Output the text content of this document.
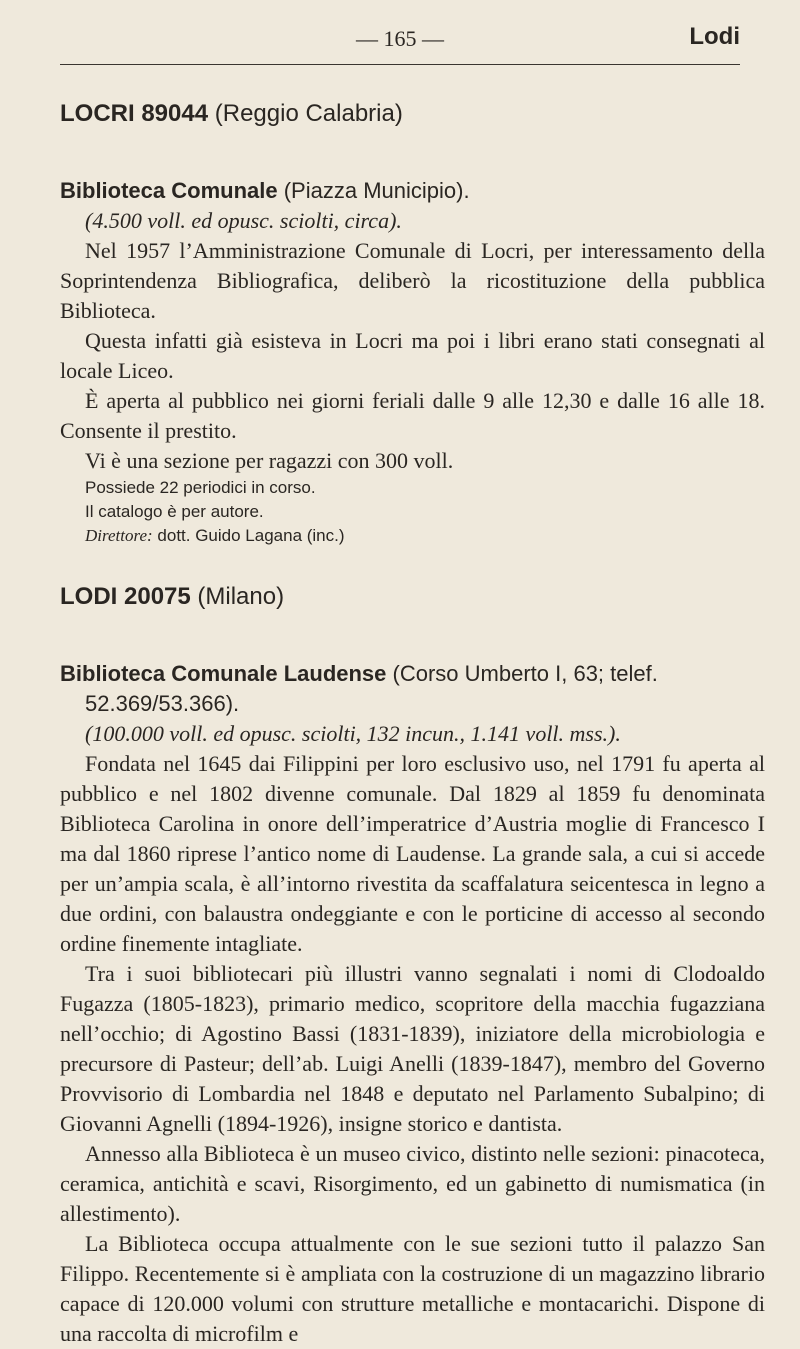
— 165 —	Lodi
LOCRI 89044 (Reggio Calabria)

Biblioteca Comunale (Piazza Municipio).

(4.500 voll. ed opusc. sciolti, circa).

Nel 1957 l’Amministrazione Comunale di Locri, per interessamento della Soprintendenza Bibliografica, deliberò la ricostituzione della pubblica Biblioteca.

Questa infatti già esisteva in Locri ma poi i libri erano stati consegnati al locale Liceo.

È aperta al pubblico nei giorni feriali dalle 9 alle 12,30 e dalle 16 alle 18. Consente il prestito.

Vi è una sezione per ragazzi con 300 voll.

Possiede 22 periodici in corso.

Il catalogo è per autore.

Direttore: dott. Guido Lagana (inc.)

LODI 20075 (Milano)

Biblioteca Comunale Laudense (Corso Umberto I, 63; telef. 52.369/53.366).

(100.000 voll. ed opusc. sciolti, 132 incun., 1.141 voll. mss.).

Fondata nel 1645 dai Filippini per loro esclusivo uso, nel 1791 fu aperta al pubblico e nel 1802 divenne comunale. Dal 1829 al 1859 fu denominata Biblioteca Carolina in onore dell’imperatrice d’Austria moglie di Francesco I ma dal 1860 riprese l’antico nome di Laudense. La grande sala, a cui si accede per un’ampia scala, è all’intorno rivestita da scaffalatura seicentesca in legno a due ordini, con balaustra ondeggiante e con le porticine di accesso al secondo ordine finemente intagliate.

Tra i suoi bibliotecari più illustri vanno segnalati i nomi di Clodoaldo Fugazza (1805-1823), primario medico, scopritore della macchia fugazziana nell’occhio; di Agostino Bassi (1831-1839), iniziatore della microbiologia e precursore di Pasteur; dell’ab. Luigi Anelli (1839-1847), membro del Governo Provvisorio di Lombardia nel 1848 e deputato nel Parlamento Subalpino; di Giovanni Agnelli (1894-1926), insigne storico e dantista.

Annesso alla Biblioteca è un museo civico, distinto nelle sezioni: pinacoteca, ceramica, antichità e scavi, Risorgimento, ed un gabinetto di numismatica (in allestimento).

La Biblioteca occupa attualmente con le sue sezioni tutto il palazzo San Filippo. Recentemente si è ampliata con la costruzione di un magazzino librario capace di 120.000 volumi con strutture metalliche e montacarichi. Dispone di una raccolta di microfilm e
